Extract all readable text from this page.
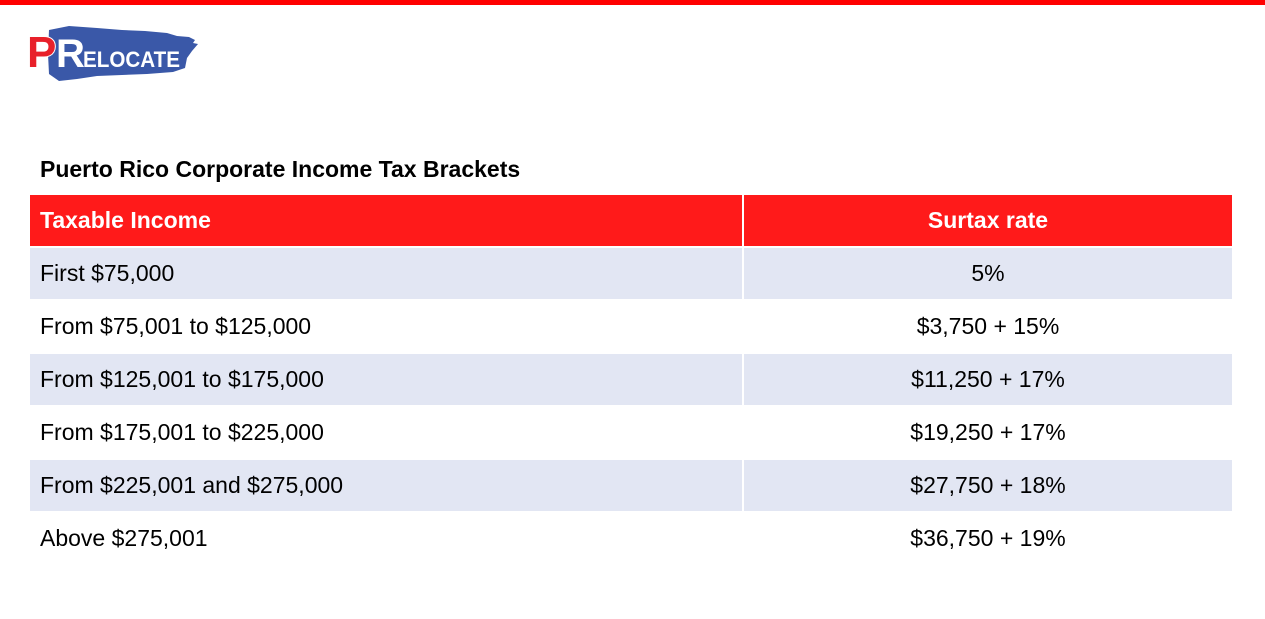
P R
ELOCATE
Puerto Rico Corporate Income Tax Brackets
Taxable Income	Surtax rate
First $75,000	5%
From $75,001 to $125,000	$3,750 + 15%
From $125,001 to $175,000	$11,250 + 17%
From $175,001 to $225,000	$19,250 + 17%
From $225,001 and $275,000	$27,750 + 18%
Above $275,001	$36,750 + 19%
